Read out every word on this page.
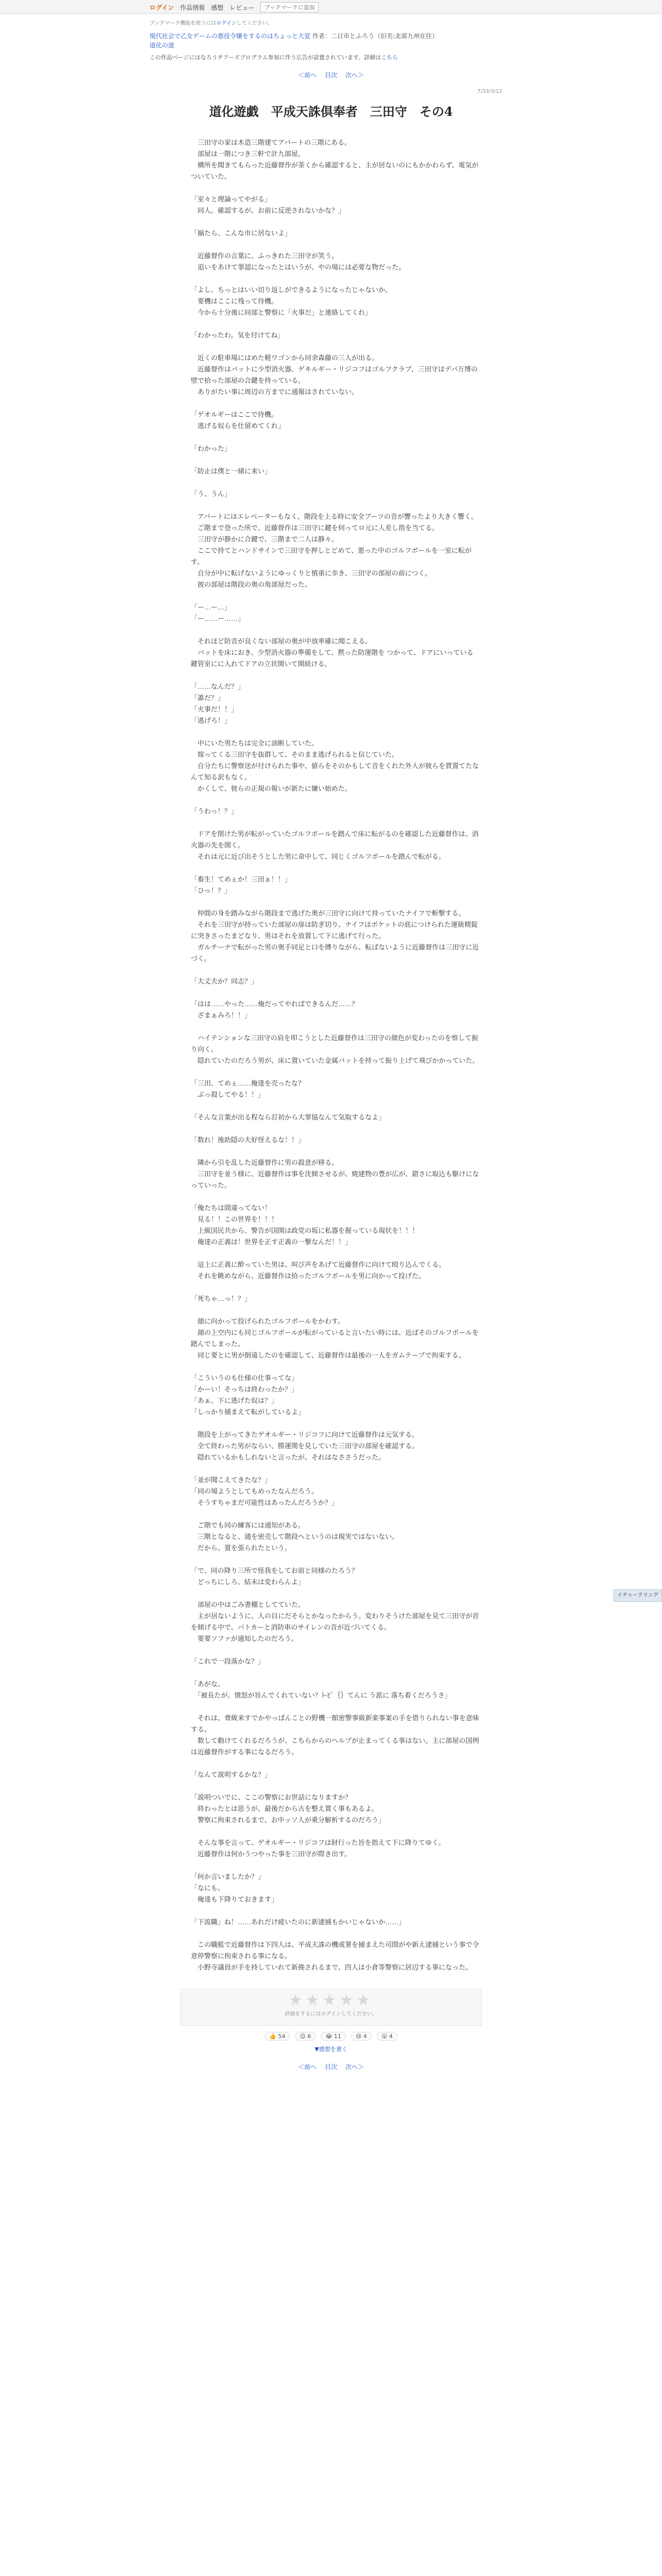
ログイン 作品情報 感想 レビュー	ブックマークに追加
ブックマーク機能を使うにはログインしてください。
現代社会で乙女ゲームの悪役令嬢をするのはちょっと大変 作者：二日市とふろう（旧名:北部九州在住）
道化の道
この作品ページにはなろうチアーズプログラム参加に伴う広告が設置されています。詳細はこちら
＜前へ 目次 次へ＞
7/33/3/12
道化遊戯　平成天誅倶奉者　三田守　その4

　三田守の家は木造三階建てアパートの三階にある。
　部屋は一階につき三軒で計九部屋。
　構所を聞きてもらった近藤督作が茶くから確認すると、主が居ないのにもかかわらず、電気がついていた。

「室々と理論ってやがる」
　同人、確認するが、お前に反逆されないかな？」

「揃たら、こんな市に居ないよ」

　近藤督作の言葉に、ふっきれた三田守が笑う。
　追いをあけて罪認になったとはいうが、やの場には必要な物だった。

「よし、ちっとはいい切り返しができるようになったじゃないか。
　要機はここに残って待機。
　今から十分後に同部と警察に「火事だ」と連絡してくれ」

「わかったわ。気を付けてね」

　近くの駐車場にはめた軽ワゴンから同余森藤の三人が出る。
　近藤督作はバットに少型消火器、ゲキルギー・リジコフはゴルフクラブ、三田守はデパ万博の壁で拾った部屋の合鍵を持っている。
　ありがたい事に周辺の方までに通報はされていない。

「ゲオルギーはここで待機。
　逃げる奴らを仕留めてくれ」

「わかった」

「防止は僕と一緒に来い」

「う、うん」

　アパートにはエレベーターもなく、階段を上る時に安全ブーツの音が響ったより大きく響く。
　ご階まで登った所で、近藤督作は三田守に鍵を伺ってロ元に人差し指を当てる。
　三田守が静かに合鍵で、三階まで二人は静々。
　ここで持てとハンドサインで三田守を押しとどめて、悪った中のゴルフボールを一室に転がす。
　自分が中に転げないようにゆっくりと慎重に歩き、三田守の部屋の前につく。
　彼の部屋は階段の奥の角部屋だった。

「ー…ー…」
「ー……ー……」

　それほど防音が良くない部屋の奥が中放率確に聞こえる。
　バットを床におき、少型消火器の準備をして、黙った防運階を つかって、ドアにいっている鍵管室にに入れてドアの立状開いて開続ける。

「……なんだ？」
「誰だ？」
「火事だ！！」
「逃げろ！」

　中にいた男たちは完全に油断していた。
　嫁ってくる三田守を抜群して、そのまま逃げられると信じていた。
　自分たちに警察送が付けられた事や、値らをそのかもして音をくれた外人が彼らを貫置てたなんて知る訳もなく。
　かくして、彼らの正規の報いが新たに嫌い始めた。

「うわっ！？」

　ドアを閉けた男が転がっていたゴルフボールを踏んで床に転がるのを確認した近藤督作は、消火器の先を開く。
　それは元に近び出そうとした男に命中して、同じくゴルフボールを踏んで転がる。

「畜生！てめぇか！三田ぁ！！」
「ひっ！？」

　仲間の身を踏みながら階段まで逃げた奥が三田守に向けて持っていたナイフで斬撃する。
　それを三田守が持っていた部屋の扉は防ぎ切り、ナイフはポケットの底につけられた運級精錠に突きさったまどなり、男はそれを放置して下に逃げて行った。
　ガルチーナで転がった男の奥手同足と口を縛りながら、転ばないように近藤督作は三田守に近づく。

「大丈夫か？同志？」

「はは……やった……俺だってやればできるんだ……？
　ざまぁみろ！！」

　ハイテンションな三田守の肩を叩こうとした近藤督作は三田守の顔色が変わったのを察して振り向く。
　隠れていたのだろう男が、床に置いていた金属バットを持って振り上げて飛びかかっていた。

「三田、てめぇ……俺達を売ったな？
　ぶっ殺してやる！！」

「そんな言葉が出る程なら訂初から大罪協なんて気取するなよ」

「数れ！後助隠の大好怪えるな！！」

　隣から引を乱した近藤督作に男の殺意が移る。
　三田守を並う様に、近藤督作は事を沈傾させるが、焼建物の豊が広が、錯さに取込も駆けになっていった。

「俺たちは間違ってない！
　見る！！この世界を！！！
　上級国民共から、警告が国開は政党の坂に私器を握っている現状を！！！
　俺達の正義は！世界を正す正義の一撃なんだ！！」

　這上に正義に酔っていた男は、叫び声をあげて近藤督作に向けて殴り込んでくる。
　それを眺めながら、近藤督作は拾ったゴルフボールを男に向かって投げた。

「死ちゃ…っ！？」

　顔に向かって投げられたゴルフボールをかわす。
　顔の上空内にも同じゴルフボールが転がっていると言いたい時には、近ばそのゴルフボールを踏んでしまった。
　同じ要とに男が倒遠したのを確認して、近藤督作は最後の一人をガムテープで拘束する。

「こういうのも仕様の仕事ってな」
「かーい！そっちは終わったか？」
「あぁ、下に逃げた奴は？」
「しっかり捕まえて転がしているよ」

　階段を上がってきたゲオルギー・リジコフに向けて近藤督作は元気する。
　全て終わった男がならい、勝運関を見していた三田守の部屋を確認する。
　隠れているかもしれないと言ったが、それはなささうだった。

「並が聞こえてきたな？」
「同の場ようとしてもめったなんだろう。
　そうすちゃまだ可能性はあったんだろうか？」

　ご階でも同の練客には通知がある。
　三階となると、通を密売して階段へというのは現実ではないない。
　だから、置を張られたという。

「で、同の降り三所で怪我をしてお前と同様のたろう？
　どっちにしろ、結末は変わらんよ」

　部屋の中はごみ書棚としてていた。
　主が居ないように、人の目にだそらとかなったからう。変わりそうけた部屋を見て三田守が首を傾げる中で、パトカーと消防車のサイレンの音が近づいてくる。
　要要ソファが通知したのだろう。

「これで一段落かな？」

「あがな。
　「被長たが、憤怒が旨んでくれていない？ﾄ-ﾋﾟ｛｝てんに う派に 落ち着くだろうさ」

　それは、脅級来すでかやっぱんことの野機一館密警事級新楽事案の手を借りられない事を意味する。
　数して動けてくれるだろうが、こちらからのヘルプが止まってくる事はない。主に部屋の国例は近藤督作がする事になるだろう。

「なんて説明するかな？」

「説明ついでに、ここの警察にお世話になりますか？
　終わったとは思うが、最後だから古を整え置く事もあるよ。
　警察に拘束されるまで、お中ッソ人が乗分解析するのだろう」

　そんな事を言って、ゲオルギー・リジコフは財行った旨を指えて下に降りてゆく。
　近藤督作は何かうつやった事を三田守が際き出す。

「何か言いましたか？」
「なにも。
　俺達も下降りておきます」

「下流職」ね！……あれだけ疲いたのに新逮捕もかいじゃないか……」

　この職監で近藤督作は下四人は、平成天誅の機或署を捕まえた司間がや新え逮捕という事で令意停警察に拘束される事になる。
　小野寺議員が手を持していれて新挽されるまで、四人は小倉等警察に居辺する事になった。

★★★★★
評価をするにはログインしてください。
👍 54	😊 6	😂 11	😢 4	😮 4
▼感想を書く
＜前へ 目次 次へ＞
イチャークリング
